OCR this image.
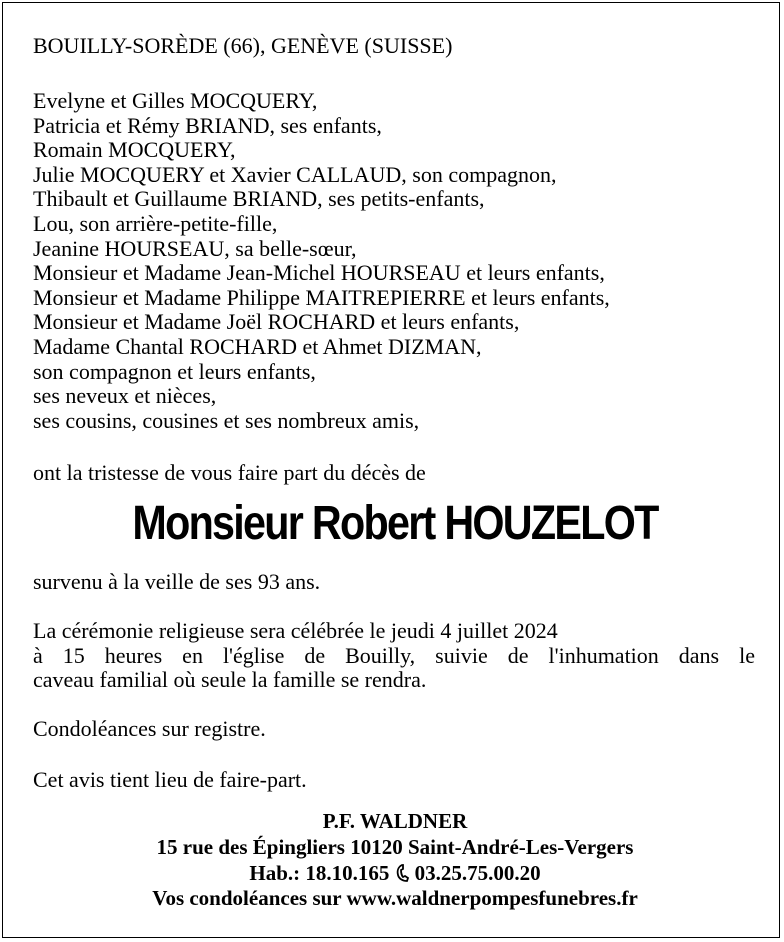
BOUILLY-SORÈDE (66), GENÈVE (SUISSE)
Evelyne et Gilles MOCQUERY,
Patricia et Rémy BRIAND, ses enfants,
Romain MOCQUERY,
Julie MOCQUERY et Xavier CALLAUD, son compagnon,
Thibault et Guillaume BRIAND, ses petits-enfants,
Lou, son arrière-petite-fille,
Jeanine HOURSEAU, sa belle-sœur,
Monsieur et Madame Jean-Michel HOURSEAU et leurs enfants,
Monsieur et Madame Philippe MAITREPIERRE et leurs enfants,
Monsieur et Madame Joël ROCHARD et leurs enfants,
Madame Chantal ROCHARD et Ahmet DIZMAN,
son compagnon et leurs enfants,
ses neveux et nièces,
ses cousins, cousines et ses nombreux amis,
ont la tristesse de vous faire part du décès de
Monsieur Robert HOUZELOT
survenu à la veille de ses 93 ans.
La cérémonie religieuse sera célébrée le jeudi 4 juillet 2024
à 15 heures en l'église de Bouilly, suivie de l'inhumation dans le
caveau familial où seule la famille se rendra.
Condoléances sur registre.
Cet avis tient lieu de faire-part.
P.F. WALDNER
15 rue des Épingliers 10120 Saint-André-Les-Vergers
Hab.: 18.10.165 03.25.75.00.20
Vos condoléances sur www.waldnerpompesfunebres.fr
